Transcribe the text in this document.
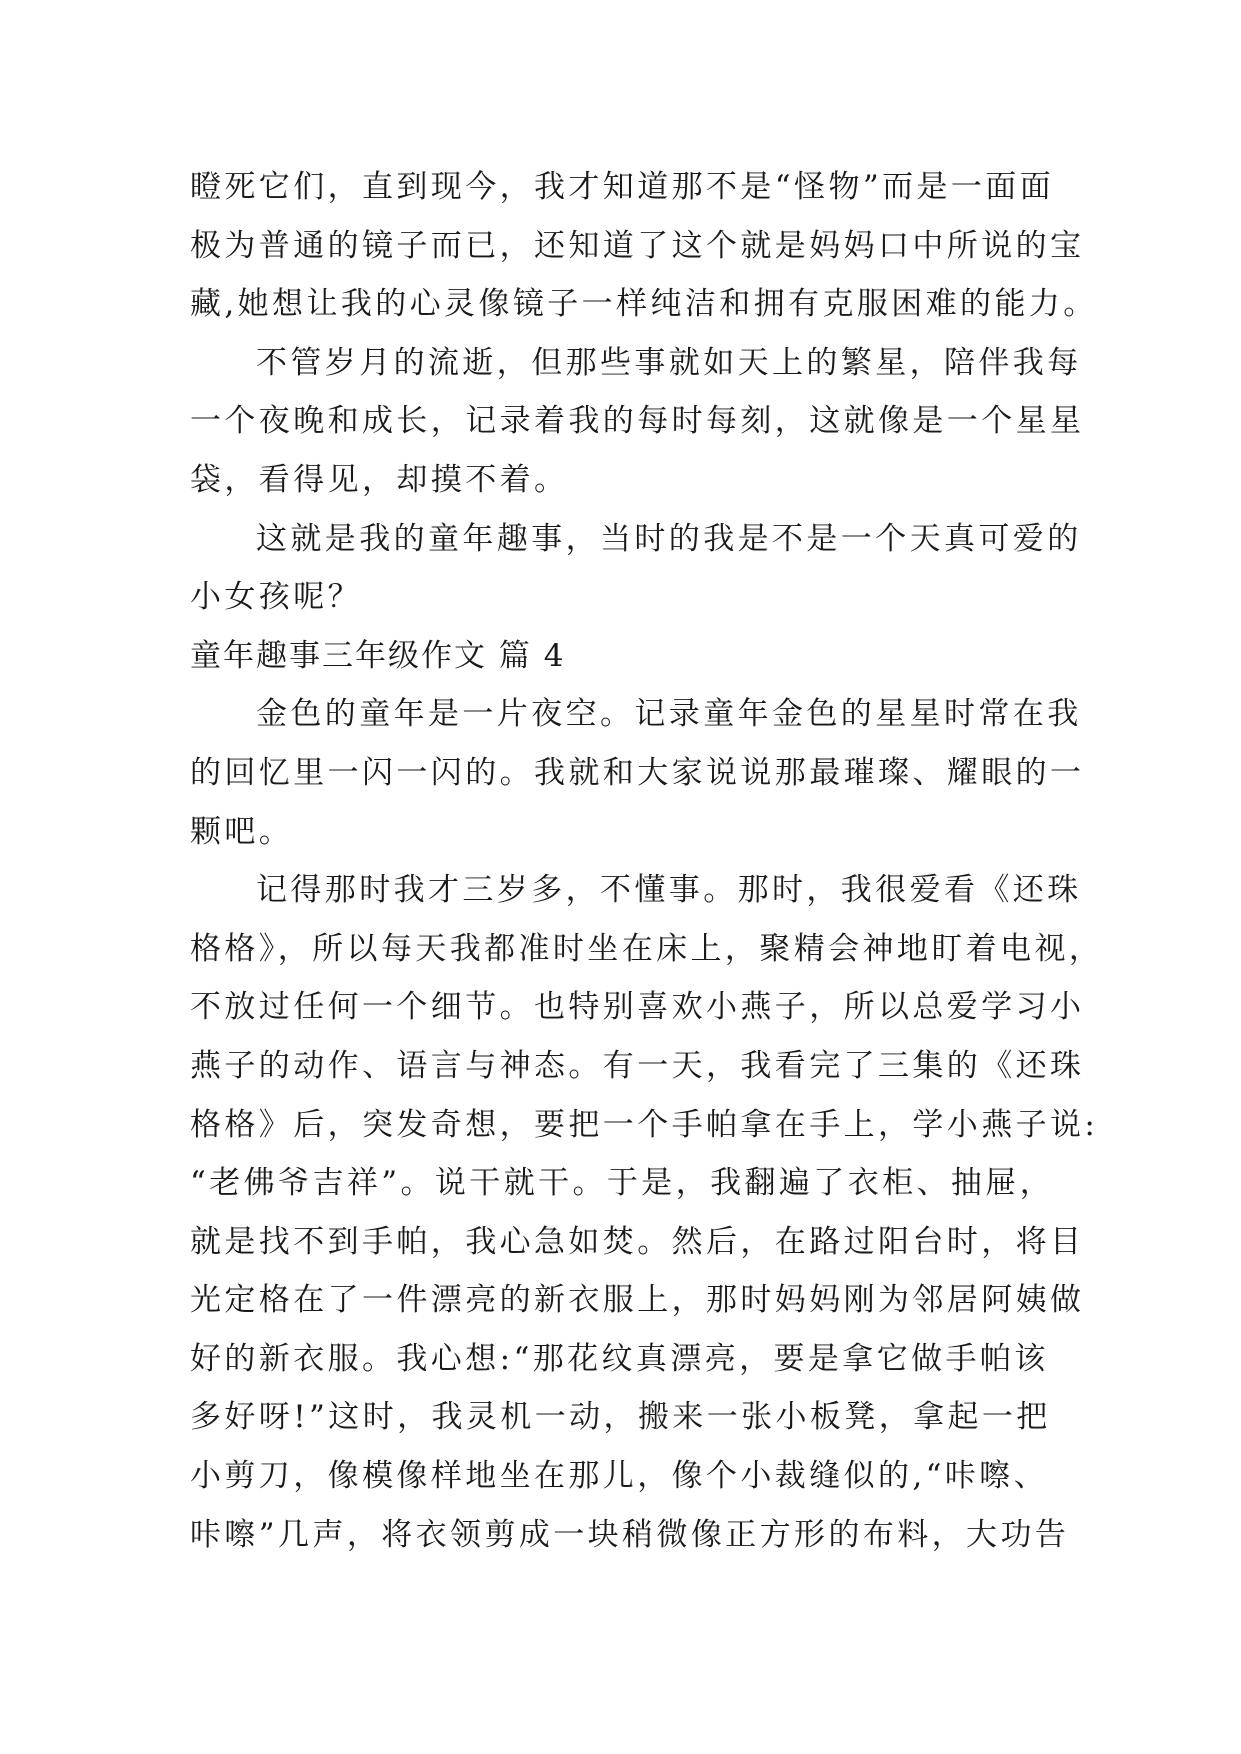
瞪死它们，直到现今，我才知道那不是“怪物”而是一面面
极为普通的镜子而已，还知道了这个就是妈妈口中所说的宝
藏,她想让我的心灵像镜子一样纯洁和拥有克服困难的能力。
不管岁月的流逝，但那些事就如天上的繁星，陪伴我每
一个夜晚和成长，记录着我的每时每刻，这就像是一个星星
袋，看得见，却摸不着。
这就是我的童年趣事，当时的我是不是一个天真可爱的
小女孩呢？
童年趣事三年级作文 篇 4
金色的童年是一片夜空。记录童年金色的星星时常在我
的回忆里一闪一闪的。我就和大家说说那最璀璨、耀眼的一
颗吧。
记得那时我才三岁多，不懂事。那时，我很爱看《还珠
格格》，所以每天我都准时坐在床上，聚精会神地盯着电视，
不放过任何一个细节。也特别喜欢小燕子，所以总爱学习小
燕子的动作、语言与神态。有一天，我看完了三集的《还珠
格格》后，突发奇想，要把一个手帕拿在手上，学小燕子说:
“老佛爷吉祥”。说干就干。于是，我翻遍了衣柜、抽屉，
就是找不到手帕，我心急如焚。然后，在路过阳台时，将目
光定格在了一件漂亮的新衣服上，那时妈妈刚为邻居阿姨做
好的新衣服。我心想:“那花纹真漂亮，要是拿它做手帕该
多好呀!”这时，我灵机一动，搬来一张小板凳，拿起一把
小剪刀，像模像样地坐在那儿，像个小裁缝似的,“咔嚓、
咔嚓”几声，将衣领剪成一块稍微像正方形的布料，大功告
